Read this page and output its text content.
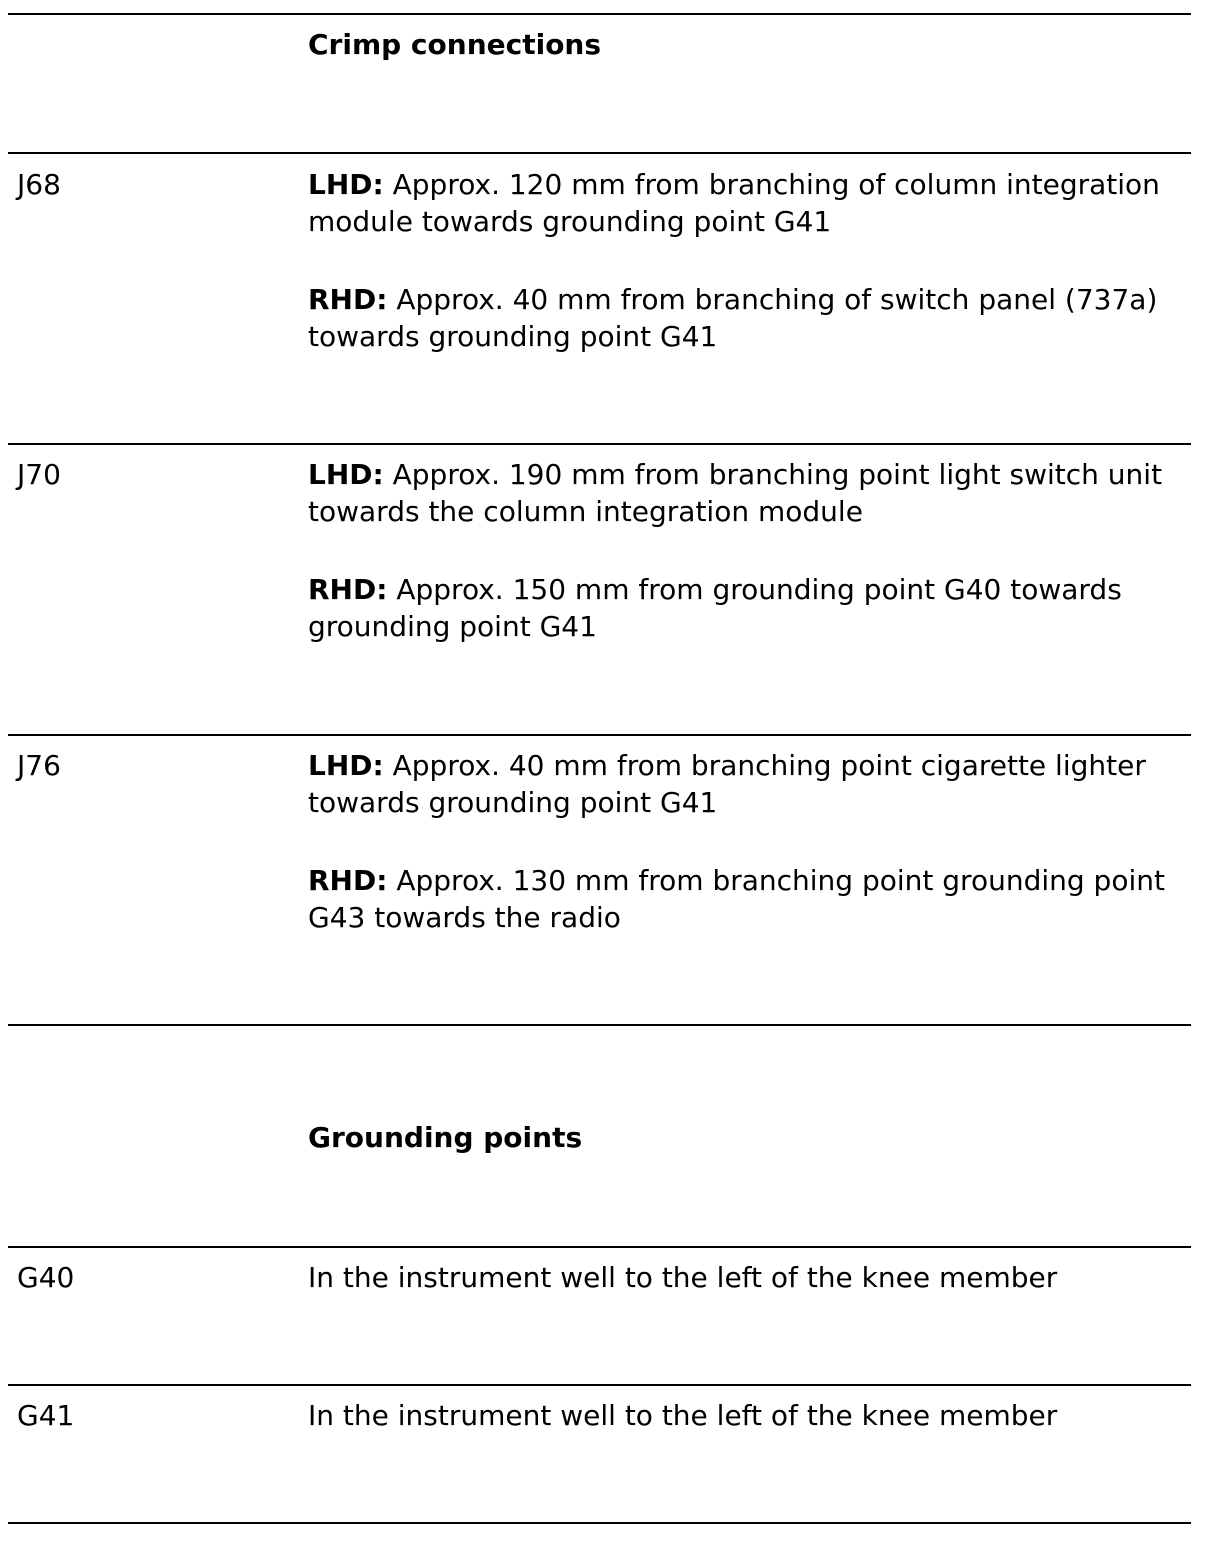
Crimp connections
J68	LHD: Approx. 120 mm from branching of column integration module towards grounding point G41

RHD: Approx. 40 mm from branching of switch panel (737a) towards grounding point G41

J70	LHD: Approx. 190 mm from branching point light switch unit towards the column integration module

RHD: Approx. 150 mm from grounding point G40 towards grounding point G41

J76	LHD: Approx. 40 mm from branching point cigarette lighter towards grounding point G41

RHD: Approx. 130 mm from branching point grounding point G43 towards the radio

Grounding points
G40	In the instrument well to the left of the knee member
G41	In the instrument well to the left of the knee member
